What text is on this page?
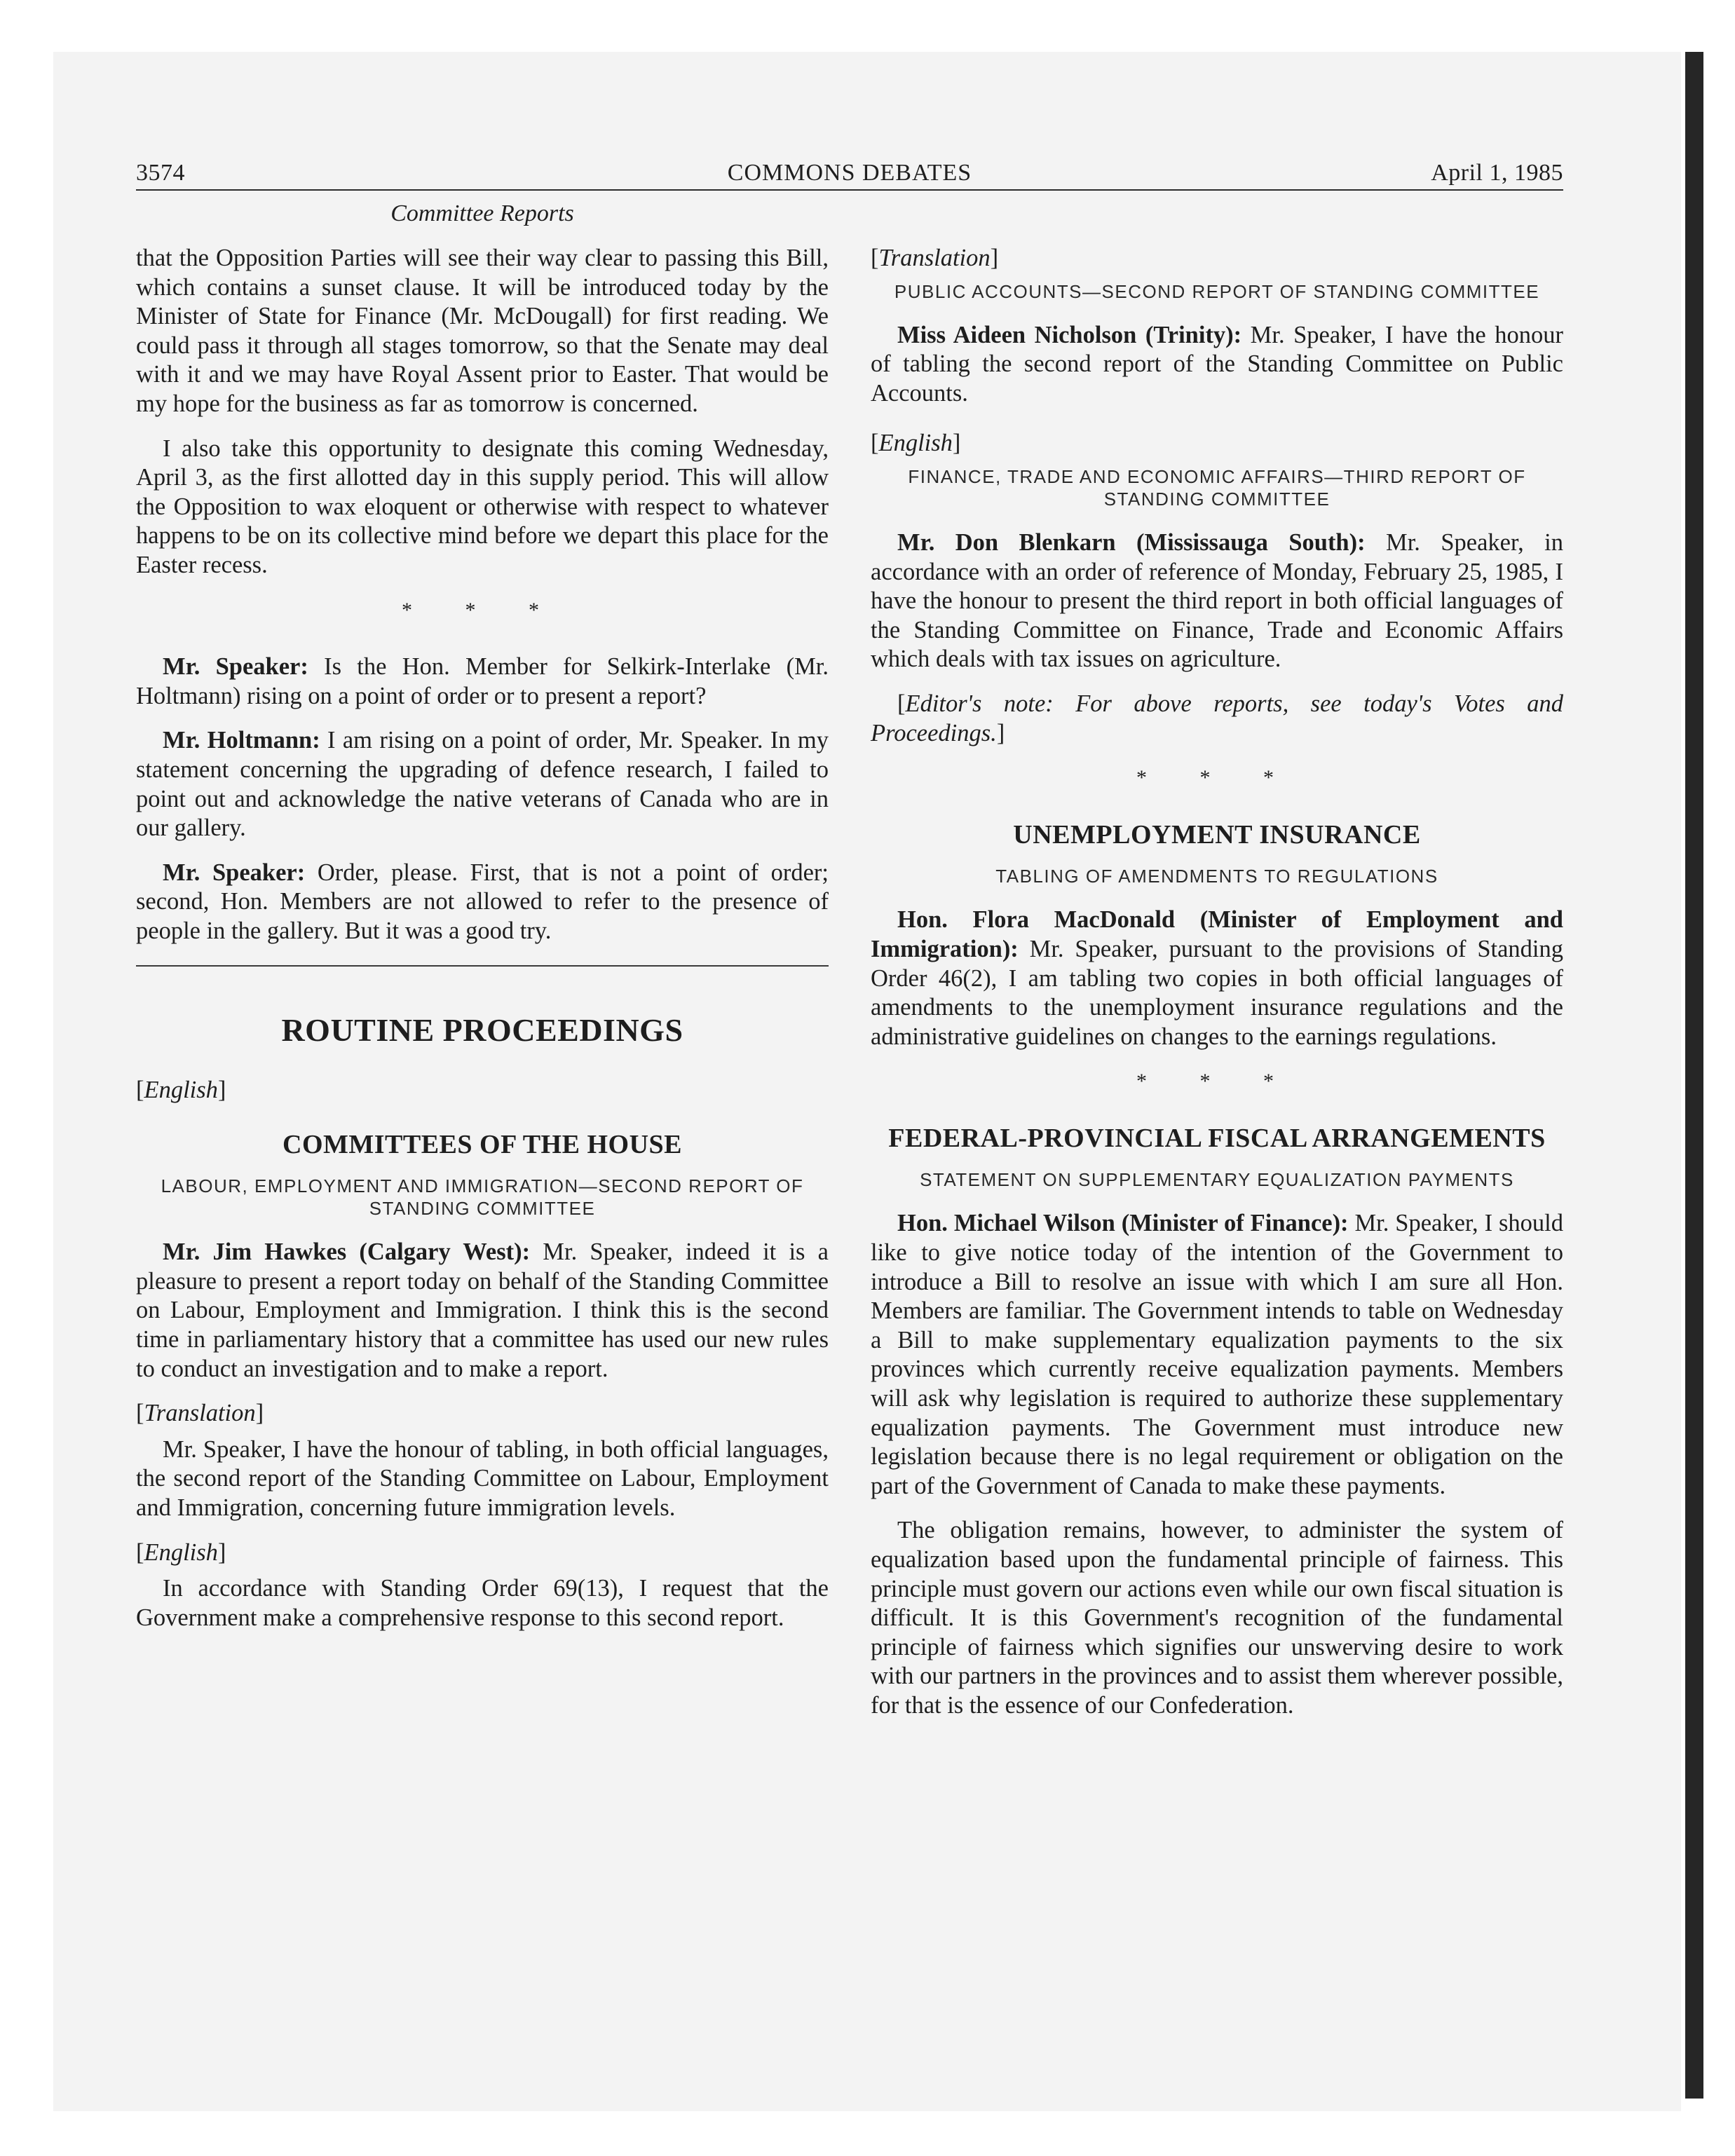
3574	COMMONS DEBATES	April 1, 1985
Committee Reports

that the Opposition Parties will see their way clear to passing this Bill, which contains a sunset clause. It will be introduced today by the Minister of State for Finance (Mr. McDougall) for first reading. We could pass it through all stages tomorrow, so that the Senate may deal with it and we may have Royal Assent prior to Easter. That would be my hope for the business as far as tomorrow is concerned.

I also take this opportunity to designate this coming Wednesday, April 3, as the first allotted day in this supply period. This will allow the Opposition to wax eloquent or otherwise with respect to whatever happens to be on its collective mind before we depart this place for the Easter recess.

* * *

Mr. Speaker: Is the Hon. Member for Selkirk-Interlake (Mr. Holtmann) rising on a point of order or to present a report?

Mr. Holtmann: I am rising on a point of order, Mr. Speaker. In my statement concerning the upgrading of defence research, I failed to point out and acknowledge the native veterans of Canada who are in our gallery.

Mr. Speaker: Order, please. First, that is not a point of order; second, Hon. Members are not allowed to refer to the presence of people in the gallery. But it was a good try.

ROUTINE PROCEEDINGS
[English]
COMMITTEES OF THE HOUSE
LABOUR, EMPLOYMENT AND IMMIGRATION—SECOND REPORT OF STANDING COMMITTEE

Mr. Jim Hawkes (Calgary West): Mr. Speaker, indeed it is a pleasure to present a report today on behalf of the Standing Committee on Labour, Employment and Immigration. I think this is the second time in parliamentary history that a committee has used our new rules to conduct an investigation and to make a report.

[Translation]

Mr. Speaker, I have the honour of tabling, in both official languages, the second report of the Standing Committee on Labour, Employment and Immigration, concerning future immigration levels.

[English]

In accordance with Standing Order 69(13), I request that the Government make a comprehensive response to this second report.

[Translation]
PUBLIC ACCOUNTS—SECOND REPORT OF STANDING COMMITTEE

Miss Aideen Nicholson (Trinity): Mr. Speaker, I have the honour of tabling the second report of the Standing Committee on Public Accounts.

[English]
FINANCE, TRADE AND ECONOMIC AFFAIRS—THIRD REPORT OF STANDING COMMITTEE

Mr. Don Blenkarn (Mississauga South): Mr. Speaker, in accordance with an order of reference of Monday, February 25, 1985, I have the honour to present the third report in both official languages of the Standing Committee on Finance, Trade and Economic Affairs which deals with tax issues on agriculture.

[Editor's note: For above reports, see today's Votes and Proceedings.]

* * *
UNEMPLOYMENT INSURANCE
TABLING OF AMENDMENTS TO REGULATIONS

Hon. Flora MacDonald (Minister of Employment and Immigration): Mr. Speaker, pursuant to the provisions of Standing Order 46(2), I am tabling two copies in both official languages of amendments to the unemployment insurance regulations and the administrative guidelines on changes to the earnings regulations.

* * *
FEDERAL-PROVINCIAL FISCAL ARRANGEMENTS
STATEMENT ON SUPPLEMENTARY EQUALIZATION PAYMENTS

Hon. Michael Wilson (Minister of Finance): Mr. Speaker, I should like to give notice today of the intention of the Government to introduce a Bill to resolve an issue with which I am sure all Hon. Members are familiar. The Government intends to table on Wednesday a Bill to make supplementary equalization payments to the six provinces which currently receive equalization payments. Members will ask why legislation is required to authorize these supplementary equalization payments. The Government must introduce new legislation because there is no legal requirement or obligation on the part of the Government of Canada to make these payments.

The obligation remains, however, to administer the system of equalization based upon the fundamental principle of fairness. This principle must govern our actions even while our own fiscal situation is difficult. It is this Government's recognition of the fundamental principle of fairness which signifies our unswerving desire to work with our partners in the provinces and to assist them wherever possible, for that is the essence of our Confederation.
